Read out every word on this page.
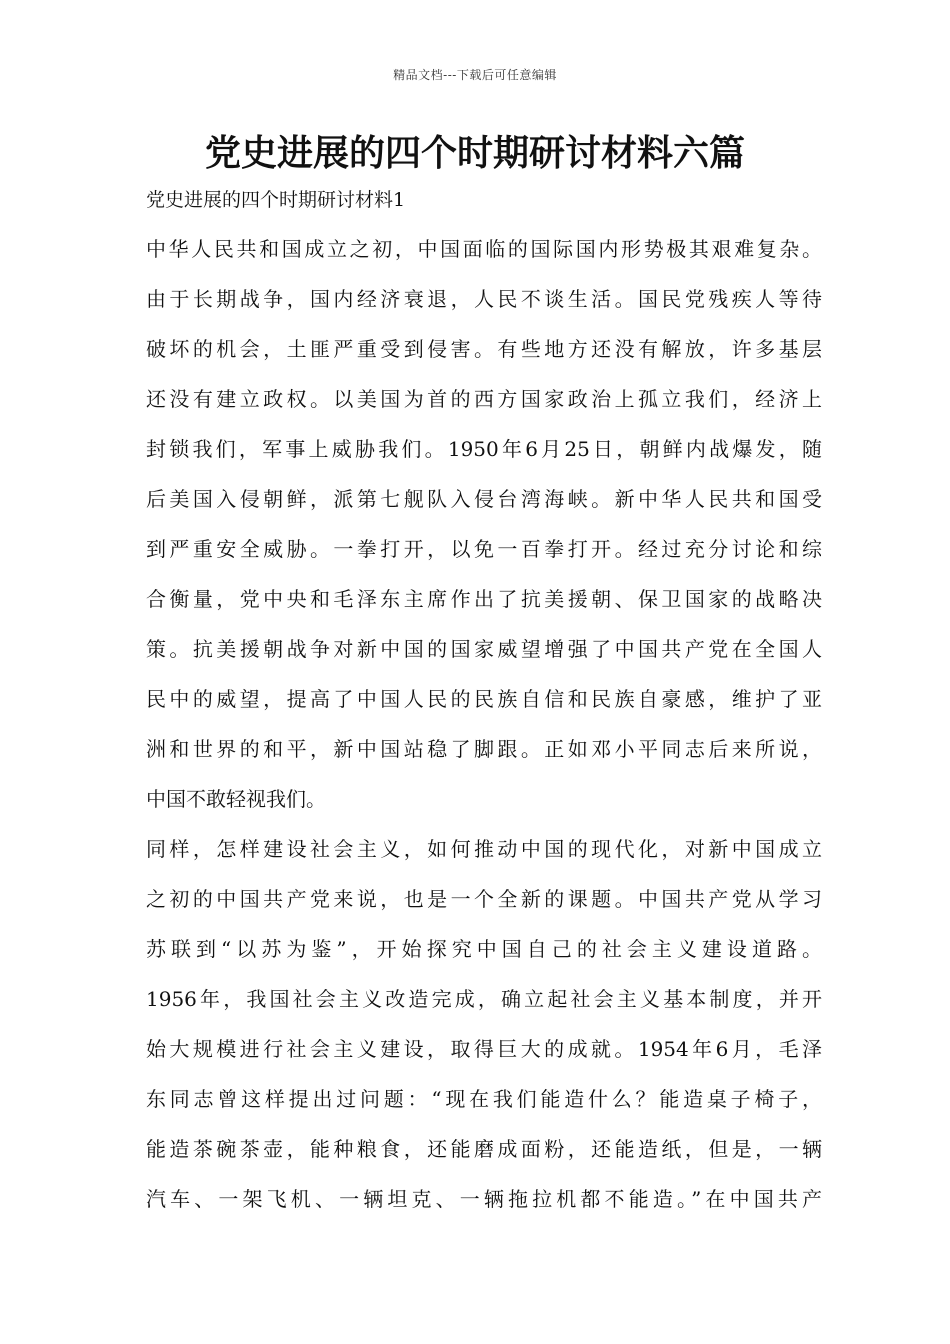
精品文档---下载后可任意编辑
党史进展的四个时期研讨材料六篇
党史进展的四个时期研讨材料1
中华人民共和国成立之初，中国面临的国际国内形势极其艰难复杂。
由于长期战争，国内经济衰退，人民不谈生活。国民党残疾人等待
破坏的机会，土匪严重受到侵害。有些地方还没有解放，许多基层
还没有建立政权。以美国为首的西方国家政治上孤立我们，经济上
封锁我们，军事上威胁我们。1950年6月25日，朝鲜内战爆发，随
后美国入侵朝鲜，派第七舰队入侵台湾海峡。新中华人民共和国受
到严重安全威胁。一拳打开，以免一百拳打开。经过充分讨论和综
合衡量，党中央和毛泽东主席作出了抗美援朝、保卫国家的战略决
策。抗美援朝战争对新中国的国家威望增强了中国共产党在全国人
民中的威望，提高了中国人民的民族自信和民族自豪感，维护了亚
洲和世界的和平，新中国站稳了脚跟。正如邓小平同志后来所说，
中国不敢轻视我们。
同样，怎样建设社会主义，如何推动中国的现代化，对新中国成立
之初的中国共产党来说，也是一个全新的课题。中国共产党从学习
苏联到“以苏为鉴”，开始探究中国自己的社会主义建设道路。
1956年，我国社会主义改造完成，确立起社会主义基本制度，并开
始大规模进行社会主义建设，取得巨大的成就。1954年6月，毛泽
东同志曾这样提出过问题：“现在我们能造什么？能造桌子椅子，
能造茶碗茶壶，能种粮食，还能磨成面粉，还能造纸，但是，一辆
汽车、一架飞机、一辆坦克、一辆拖拉机都不能造。”在中国共产
